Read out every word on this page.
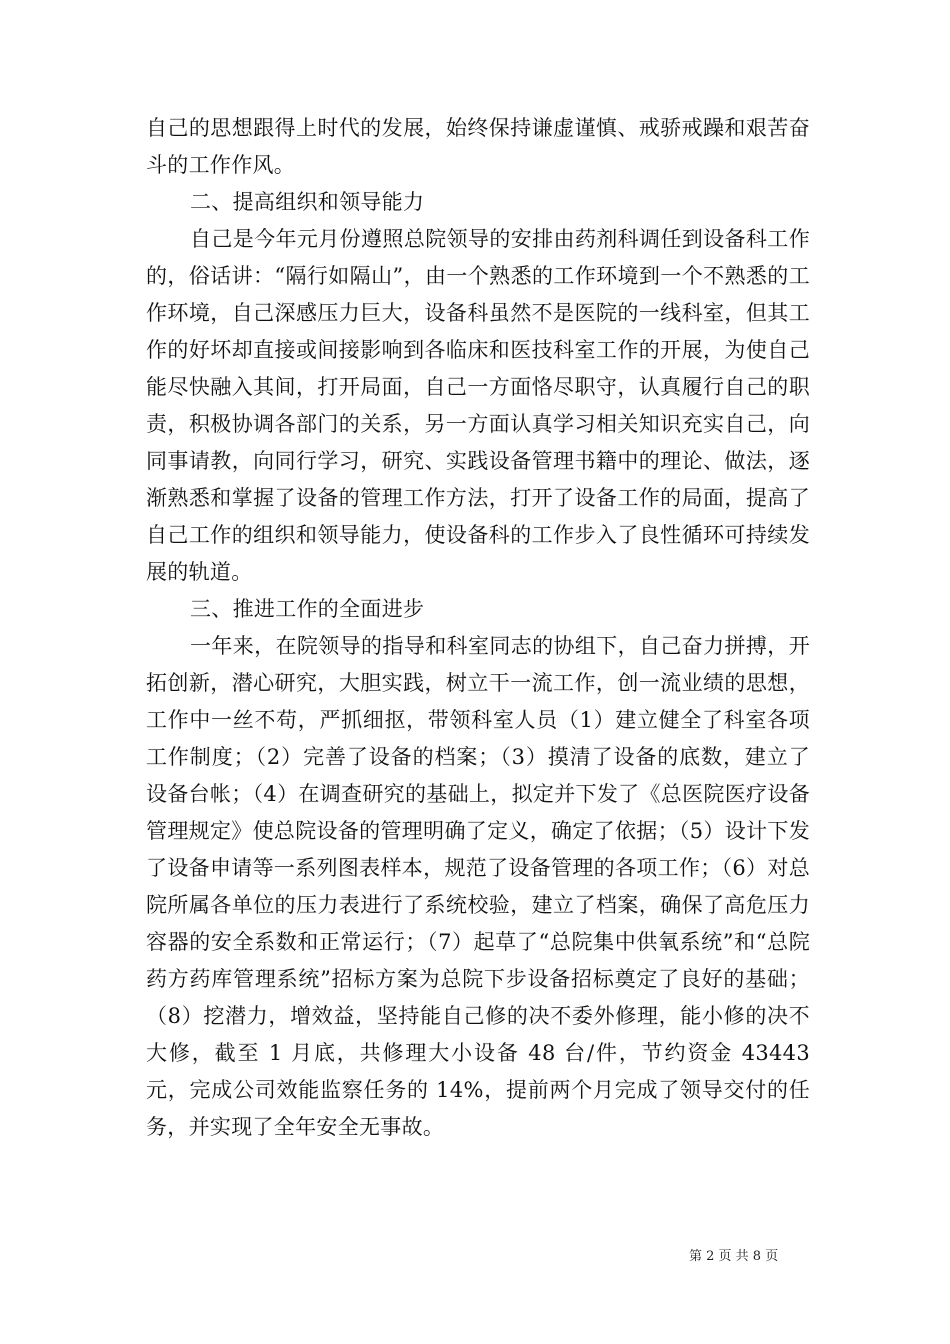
自己的思想跟得上时代的发展，始终保持谦虚谨慎、戒骄戒躁和艰苦奋斗的工作作风。

二、提高组织和领导能力

自己是今年元月份遵照总院领导的安排由药剂科调任到设备科工作的，俗话讲：“隔行如隔山”，由一个熟悉的工作环境到一个不熟悉的工作环境，自己深感压力巨大，设备科虽然不是医院的一线科室，但其工作的好坏却直接或间接影响到各临床和医技科室工作的开展，为使自己能尽快融入其间，打开局面，自己一方面恪尽职守，认真履行自己的职责，积极协调各部门的关系，另一方面认真学习相关知识充实自己，向同事请教，向同行学习，研究、实践设备管理书籍中的理论、做法，逐渐熟悉和掌握了设备的管理工作方法，打开了设备工作的局面，提高了自己工作的组织和领导能力，使设备科的工作步入了良性循环可持续发展的轨道。

三、推进工作的全面进步

一年来，在院领导的指导和科室同志的协组下，自己奋力拼搏，开拓创新，潜心研究，大胆实践，树立干一流工作，创一流业绩的思想，工作中一丝不苟，严抓细抠，带领科室人员（1）建立健全了科室各项工作制度；（2）完善了设备的档案；（3）摸清了设备的底数，建立了设备台帐；（4）在调查研究的基础上，拟定并下发了《总医院医疗设备管理规定》使总院设备的管理明确了定义，确定了依据；（5）设计下发了设备申请等一系列图表样本，规范了设备管理的各项工作；（6）对总院所属各单位的压力表进行了系统校验，建立了档案，确保了高危压力容器的安全系数和正常运行；（7）起草了“总院集中供氧系统”和“总院药方药库管理系统”招标方案为总院下步设备招标奠定了良好的基础；（8）挖潜力，增效益，坚持能自己修的决不委外修理，能小修的决不大修，截至 1 月底，共修理大小设备 48 台/件，节约资金 43443 元，完成公司效能监察任务的 14%，提前两个月完成了领导交付的任务，并实现了全年安全无事故。

第 2 页 共 8 页
